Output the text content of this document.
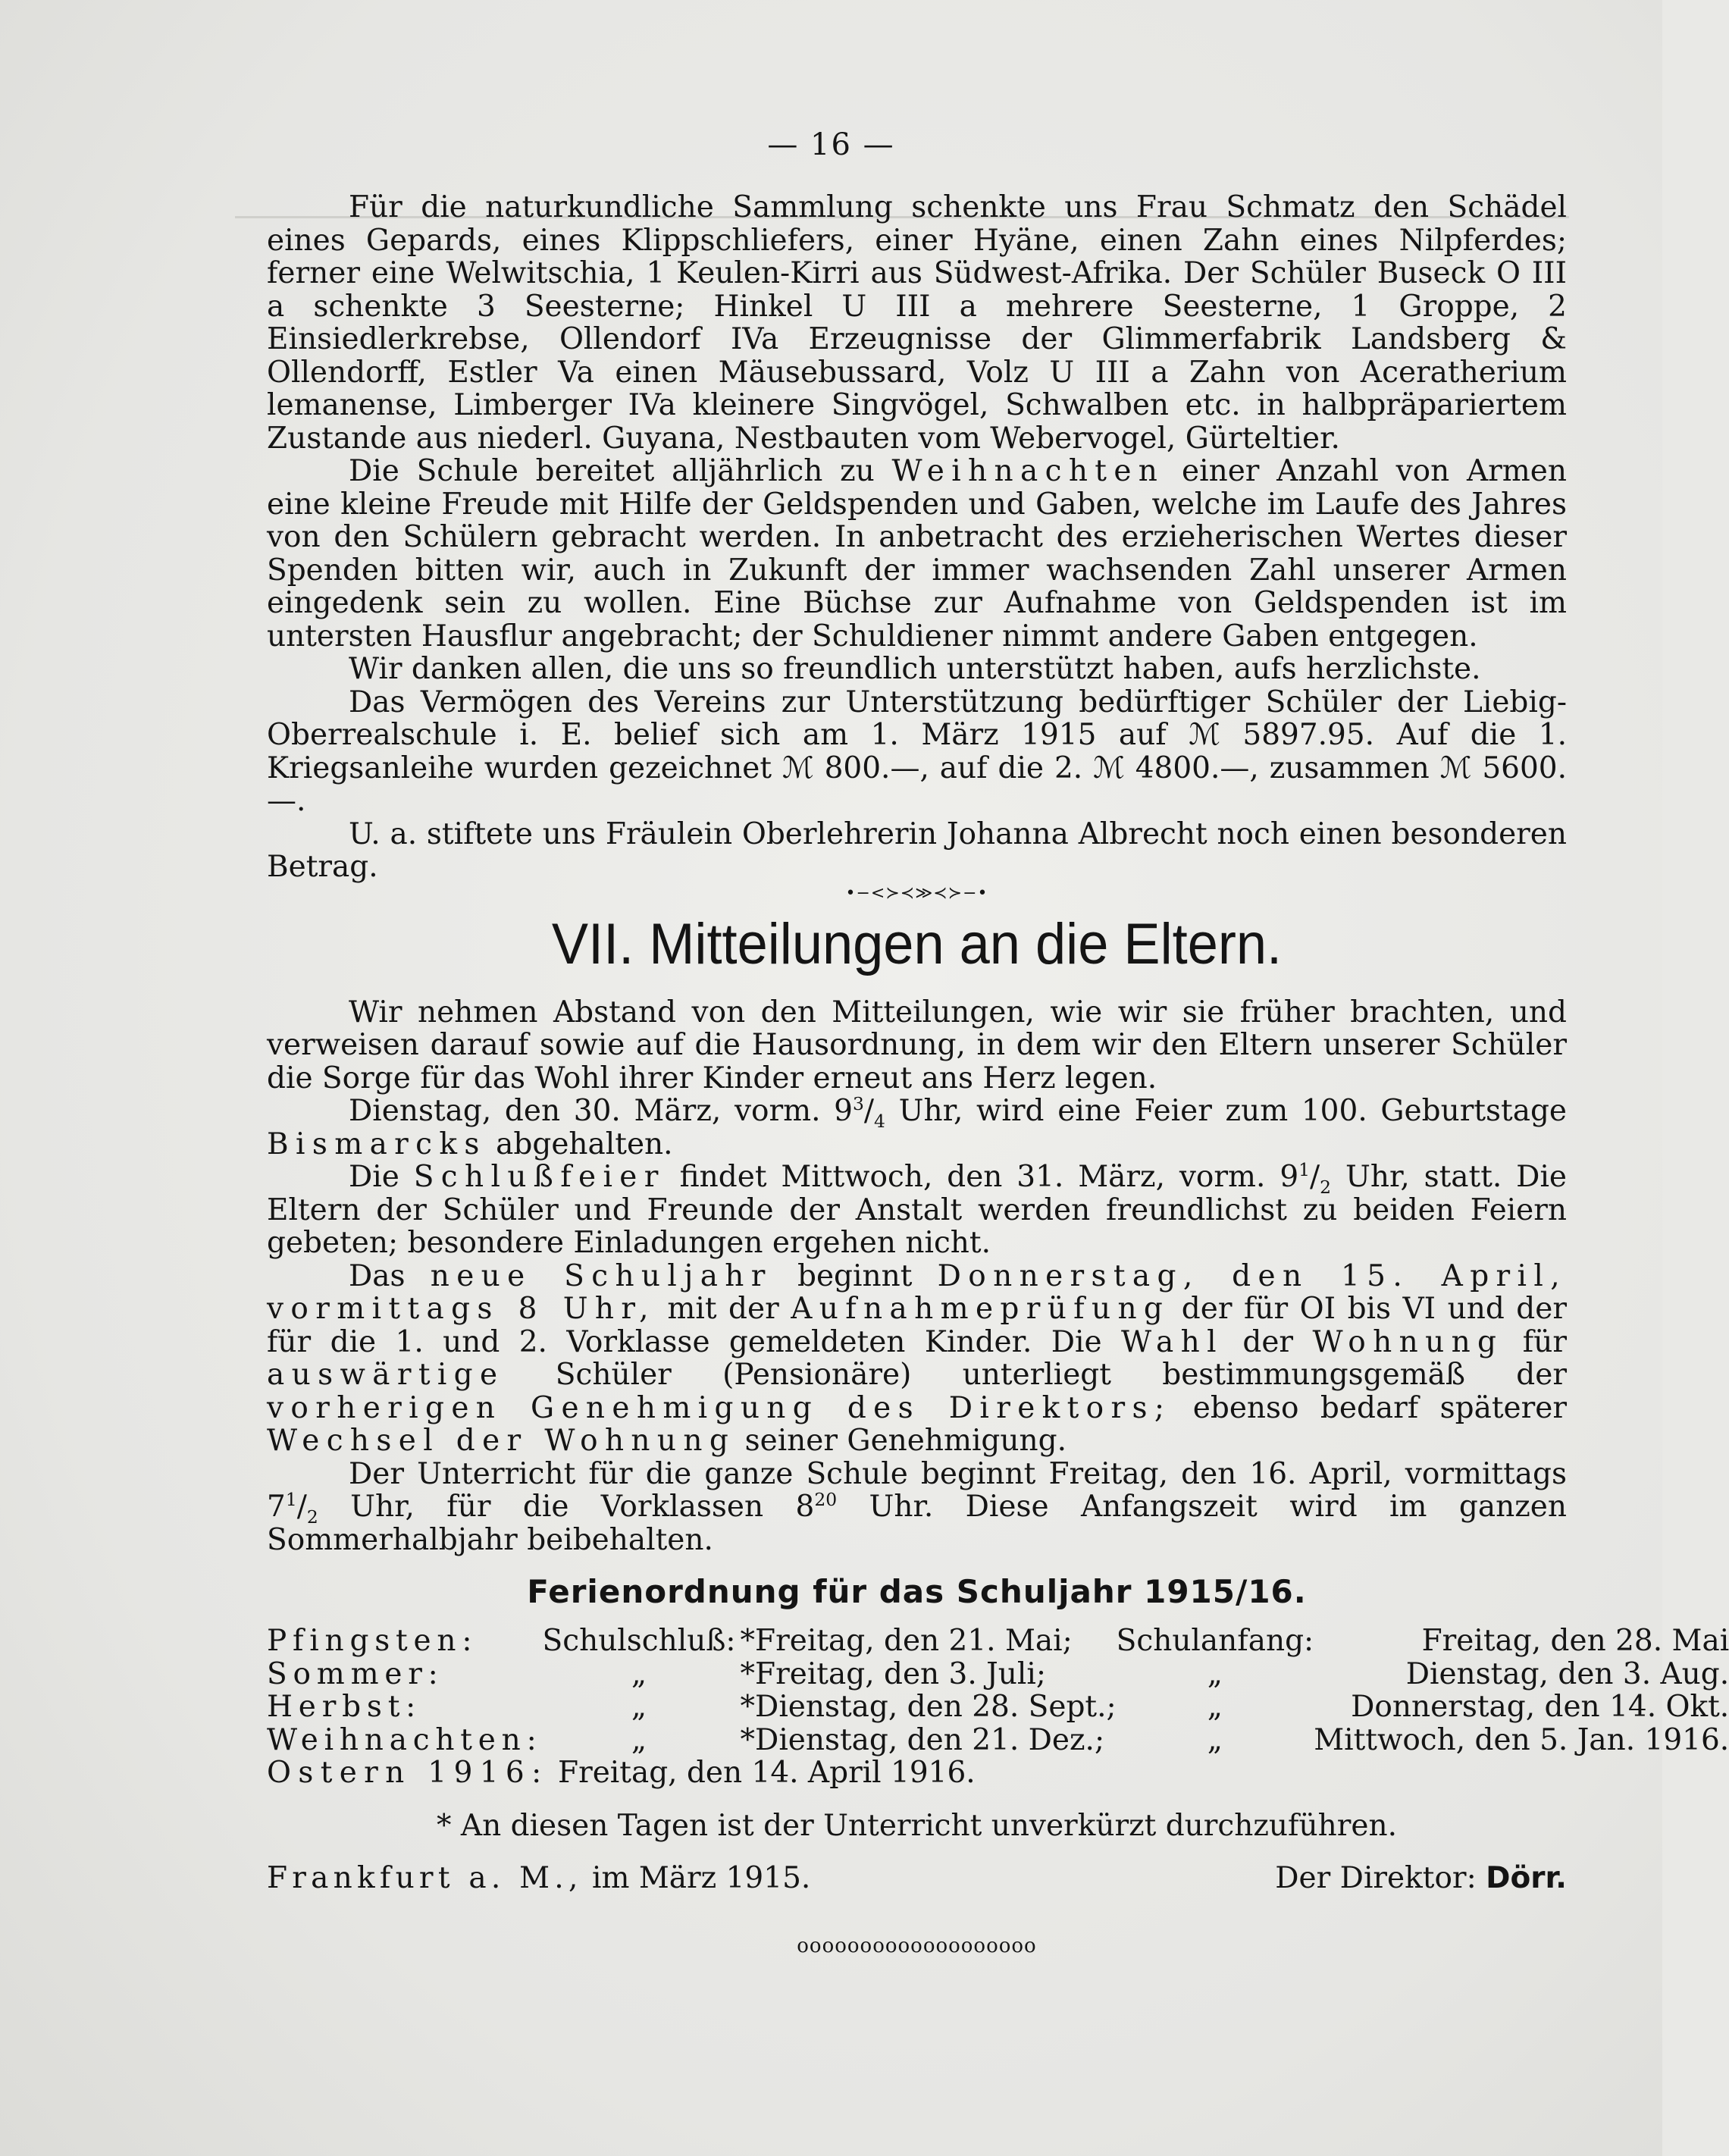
— 16 —

Für die naturkundliche Sammlung schenkte uns Frau Schmatz den Schädel eines Gepards, eines Klippschliefers, einer Hyäne, einen Zahn eines Nilpferdes; ferner eine Welwitschia, 1 Keulen-Kirri aus Südwest-Afrika. Der Schüler Buseck O III a schenkte 3 Seesterne; Hinkel U III a mehrere Seesterne, 1 Groppe, 2 Einsiedlerkrebse, Ollendorf IVa Erzeugnisse der Glimmerfabrik Landsberg & Ollendorff, Estler Va einen Mäusebussard, Volz U III a Zahn von Aceratherium lemanense, Limberger IVa kleinere Singvögel, Schwalben etc. in halbpräpariertem Zustande aus niederl. Guyana, Nestbauten vom Webervogel, Gürteltier.

Die Schule bereitet alljährlich zu Weihnachten einer Anzahl von Armen eine kleine Freude mit Hilfe der Geldspenden und Gaben, welche im Laufe des Jahres von den Schülern gebracht werden. In anbetracht des erzieherischen Wertes dieser Spenden bitten wir, auch in Zukunft der immer wachsenden Zahl unserer Armen eingedenk sein zu wollen. Eine Büchse zur Aufnahme von Geldspenden ist im untersten Hausflur angebracht; der Schuldiener nimmt andere Gaben entgegen.

Wir danken allen, die uns so freundlich unterstützt haben, aufs herzlichste.

Das Vermögen des Vereins zur Unterstützung bedürftiger Schüler der Liebig-Oberrealschule i. E. belief sich am 1. März 1915 auf ℳ 5897.95. Auf die 1. Kriegsanleihe wurden gezeichnet ℳ 800.—, auf die 2. ℳ 4800.—, zusammen ℳ 5600.—.

U. a. stiftete uns Fräulein Oberlehrerin Johanna Albrecht noch einen besonderen Betrag.

•−<≻≺≫≺≻−•
VII. Mitteilungen an die Eltern.

Wir nehmen Abstand von den Mitteilungen, wie wir sie früher brachten, und verweisen darauf sowie auf die Hausordnung, in dem wir den Eltern unserer Schüler die Sorge für das Wohl ihrer Kinder erneut ans Herz legen.

Dienstag, den 30. März, vorm. $9^3/_4$ Uhr, wird eine Feier zum 100. Geburtstage Bismarcks abgehalten.

Die Schlußfeier findet Mittwoch, den 31. März, vorm. $9^1/_2$ Uhr, statt. Die Eltern der Schüler und Freunde der Anstalt werden freundlichst zu beiden Feiern gebeten; besondere Einladungen ergehen nicht.

Das neue Schuljahr beginnt Donnerstag, den 15. April, vormittags 8 Uhr, mit der Aufnahmeprüfung der für OI bis VI und der für die 1. und 2. Vorklasse gemeldeten Kinder. Die Wahl der Wohnung für auswärtige Schüler (Pensionäre) unterliegt bestimmungsgemäß der vorherigen Genehmigung des Direktors; ebenso bedarf späterer Wechsel der Wohnung seiner Genehmigung.

Der Unterricht für die ganze Schule beginnt Freitag, den 16. April, vormittags $7^1/_2$ Uhr, für die Vorklassen $8^{20}$ Uhr. Diese Anfangszeit wird im ganzen Sommerhalbjahr beibehalten.

Ferienordnung für das Schuljahr 1915/16.
Pfingsten:	Schulschluß:	*Freitag, den 21. Mai;	Schulanfang:	Freitag, den 28. Mai
Sommer:	„	*Freitag, den 3. Juli;	„	Dienstag, den 3. Aug.
Herbst:	„	*Dienstag, den 28. Sept.;	„	Donnerstag, den 14. Okt.
Weihnachten:	„	*Dienstag, den 21. Dez.;	„	Mittwoch, den 5. Jan. 1916.

Ostern 1916: Freitag, den 14. April 1916.

* An diesen Tagen ist der Unterricht unverkürzt durchzuführen.

Frankfurt a. M., im März 1915.	Der Direktor: Dörr.
ooooooooooooooooooo
